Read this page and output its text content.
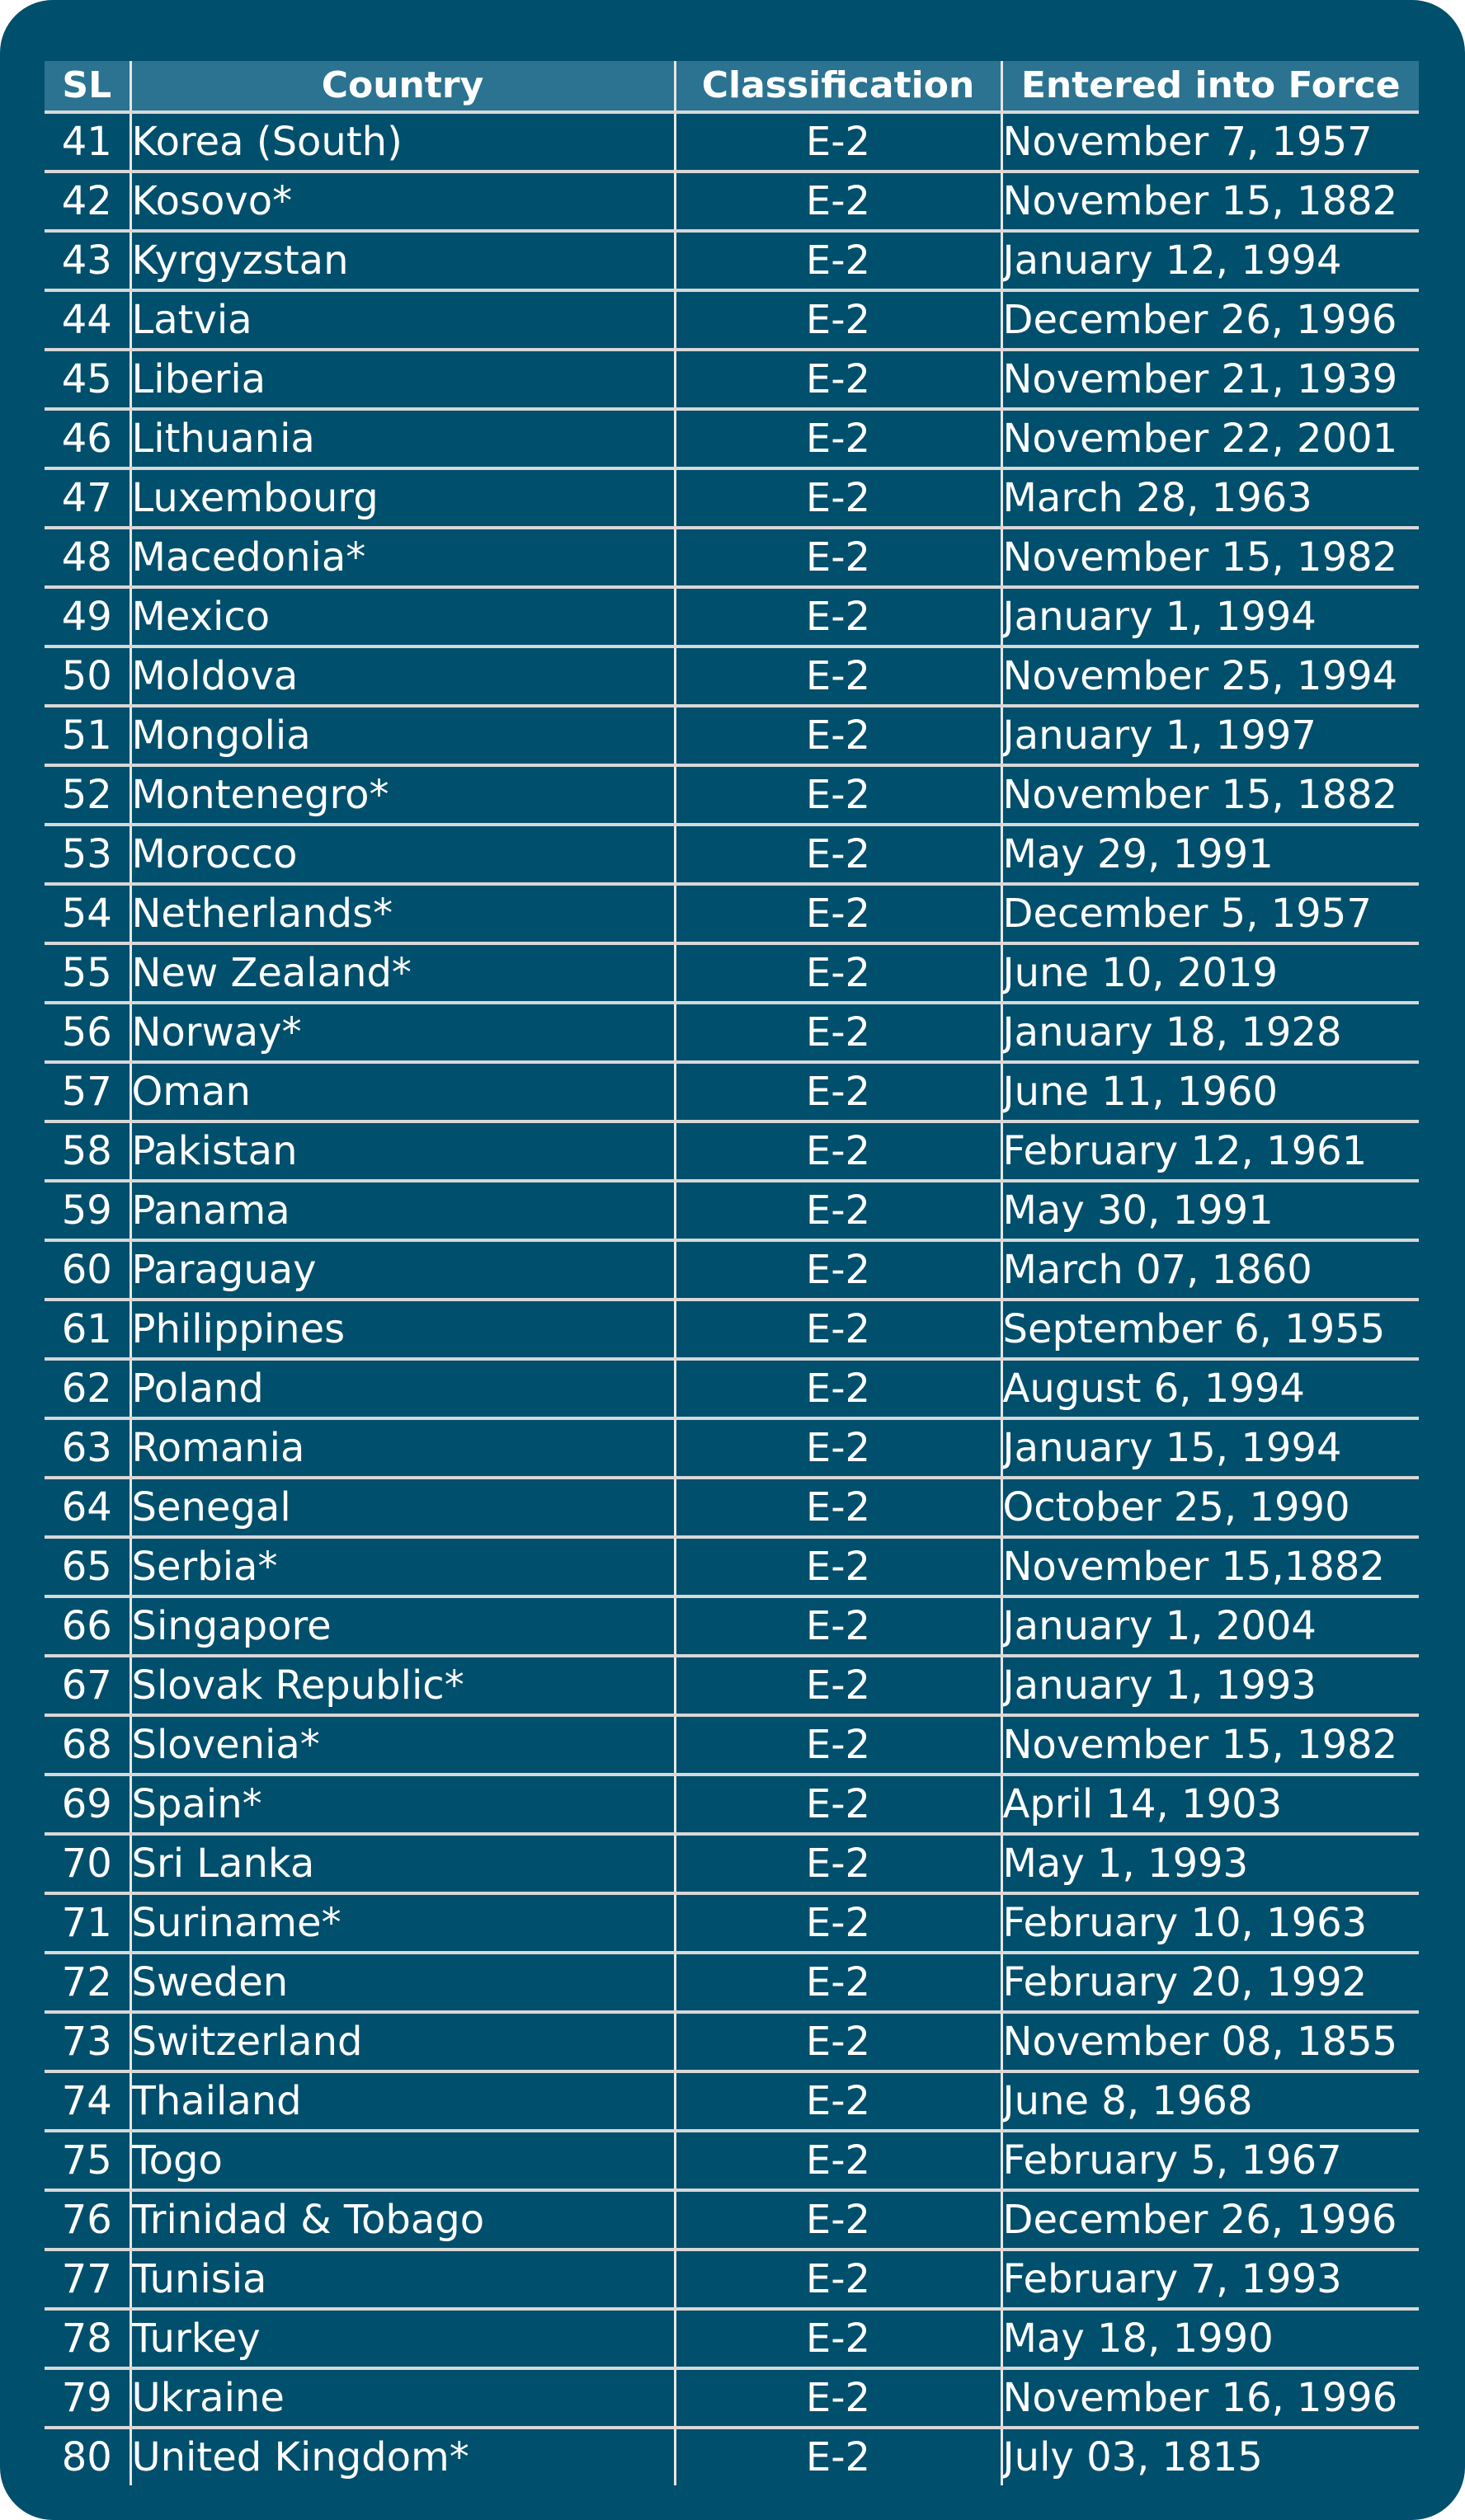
SL	Country	Classification	Entered into Force
41	Korea (South)	E-2	November 7, 1957
42	Kosovo*	E-2	November 15, 1882
43	Kyrgyzstan	E-2	January 12, 1994
44	Latvia	E-2	December 26, 1996
45	Liberia	E-2	November 21, 1939
46	Lithuania	E-2	November 22, 2001
47	Luxembourg	E-2	March 28, 1963
48	Macedonia*	E-2	November 15, 1982
49	Mexico	E-2	January 1, 1994
50	Moldova	E-2	November 25, 1994
51	Mongolia	E-2	January 1, 1997
52	Montenegro*	E-2	November 15, 1882
53	Morocco	E-2	May 29, 1991
54	Netherlands*	E-2	December 5, 1957
55	New Zealand*	E-2	June 10, 2019
56	Norway*	E-2	January 18, 1928
57	Oman	E-2	June 11, 1960
58	Pakistan	E-2	February 12, 1961
59	Panama	E-2	May 30, 1991
60	Paraguay	E-2	March 07, 1860
61	Philippines	E-2	September 6, 1955
62	Poland	E-2	August 6, 1994
63	Romania	E-2	January 15, 1994
64	Senegal	E-2	October 25, 1990
65	Serbia*	E-2	November 15,1882
66	Singapore	E-2	January 1, 2004
67	Slovak Republic*	E-2	January 1, 1993
68	Slovenia*	E-2	November 15, 1982
69	Spain*	E-2	April 14, 1903
70	Sri Lanka	E-2	May 1, 1993
71	Suriname*	E-2	February 10, 1963
72	Sweden	E-2	February 20, 1992
73	Switzerland	E-2	November 08, 1855
74	Thailand	E-2	June 8, 1968
75	Togo	E-2	February 5, 1967
76	Trinidad & Tobago	E-2	December 26, 1996
77	Tunisia	E-2	February 7, 1993
78	Turkey	E-2	May 18, 1990
79	Ukraine	E-2	November 16, 1996
80	United Kingdom*	E-2	July 03, 1815
